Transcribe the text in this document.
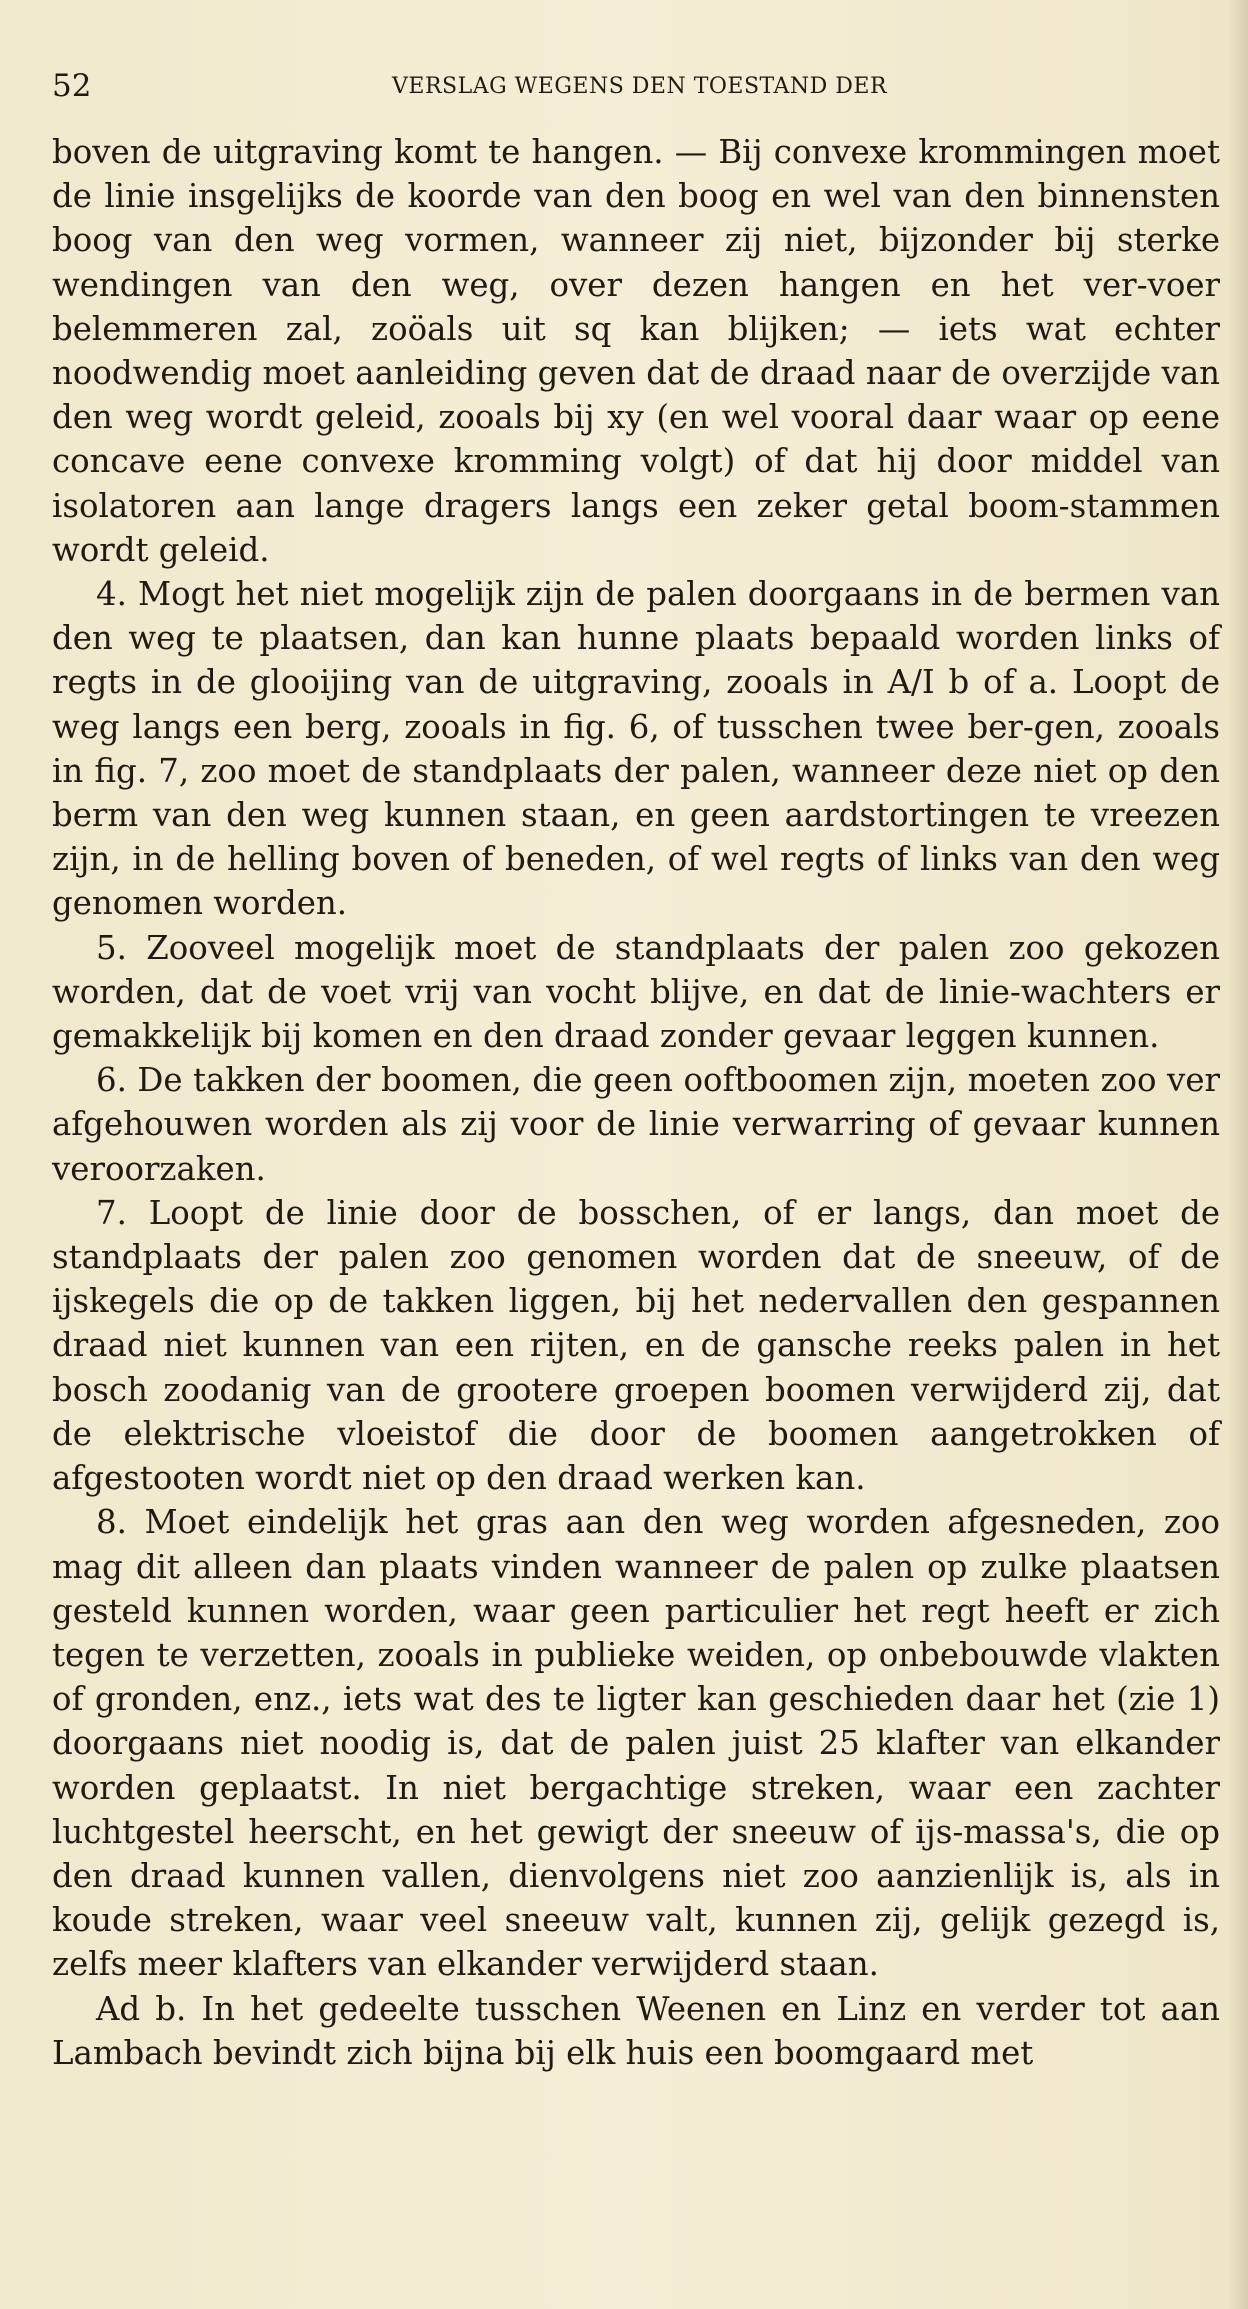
52	VERSLAG WEGENS DEN TOESTAND DER

boven de uitgraving komt te hangen. — Bij convexe krommingen moet de linie insgelijks de koorde van den boog en wel van den binnensten boog van den weg vormen, wanneer zij niet, bijzonder bij sterke wendingen van den weg, over dezen hangen en het ver-voer belemmeren zal, zoöals uit sq kan blijken; — iets wat echter noodwendig moet aanleiding geven dat de draad naar de overzijde van den weg wordt geleid, zooals bij xy (en wel vooral daar waar op eene concave eene convexe kromming volgt) of dat hij door middel van isolatoren aan lange dragers langs een zeker getal boom-stammen wordt geleid.

4. Mogt het niet mogelijk zijn de palen doorgaans in de bermen van den weg te plaatsen, dan kan hunne plaats bepaald worden links of regts in de glooijing van de uitgraving, zooals in A/I b of a. Loopt de weg langs een berg, zooals in fig. 6, of tusschen twee ber-gen, zooals in fig. 7, zoo moet de standplaats der palen, wanneer deze niet op den berm van den weg kunnen staan, en geen aardstortingen te vreezen zijn, in de helling boven of beneden, of wel regts of links van den weg genomen worden.

5. Zooveel mogelijk moet de standplaats der palen zoo gekozen worden, dat de voet vrij van vocht blijve, en dat de linie-wachters er gemakkelijk bij komen en den draad zonder gevaar leggen kunnen.

6. De takken der boomen, die geen ooftboomen zijn, moeten zoo ver afgehouwen worden als zij voor de linie verwarring of gevaar kunnen veroorzaken.

7. Loopt de linie door de bosschen, of er langs, dan moet de standplaats der palen zoo genomen worden dat de sneeuw, of de ijskegels die op de takken liggen, bij het nedervallen den gespannen draad niet kunnen van een rijten, en de gansche reeks palen in het bosch zoodanig van de grootere groepen boomen verwijderd zij, dat de elektrische vloeistof die door de boomen aangetrokken of afgestooten wordt niet op den draad werken kan.

8. Moet eindelijk het gras aan den weg worden afgesneden, zoo mag dit alleen dan plaats vinden wanneer de palen op zulke plaatsen gesteld kunnen worden, waar geen particulier het regt heeft er zich tegen te verzetten, zooals in publieke weiden, op onbebouwde vlakten of gronden, enz., iets wat des te ligter kan geschieden daar het (zie 1) doorgaans niet noodig is, dat de palen juist 25 klafter van elkander worden geplaatst. In niet bergachtige streken, waar een zachter luchtgestel heerscht, en het gewigt der sneeuw of ijs-massa's, die op den draad kunnen vallen, dienvolgens niet zoo aanzienlijk is, als in koude streken, waar veel sneeuw valt, kunnen zij, gelijk gezegd is, zelfs meer klafters van elkander verwijderd staan.

Ad b. In het gedeelte tusschen Weenen en Linz en verder tot aan Lambach bevindt zich bijna bij elk huis een boomgaard met
